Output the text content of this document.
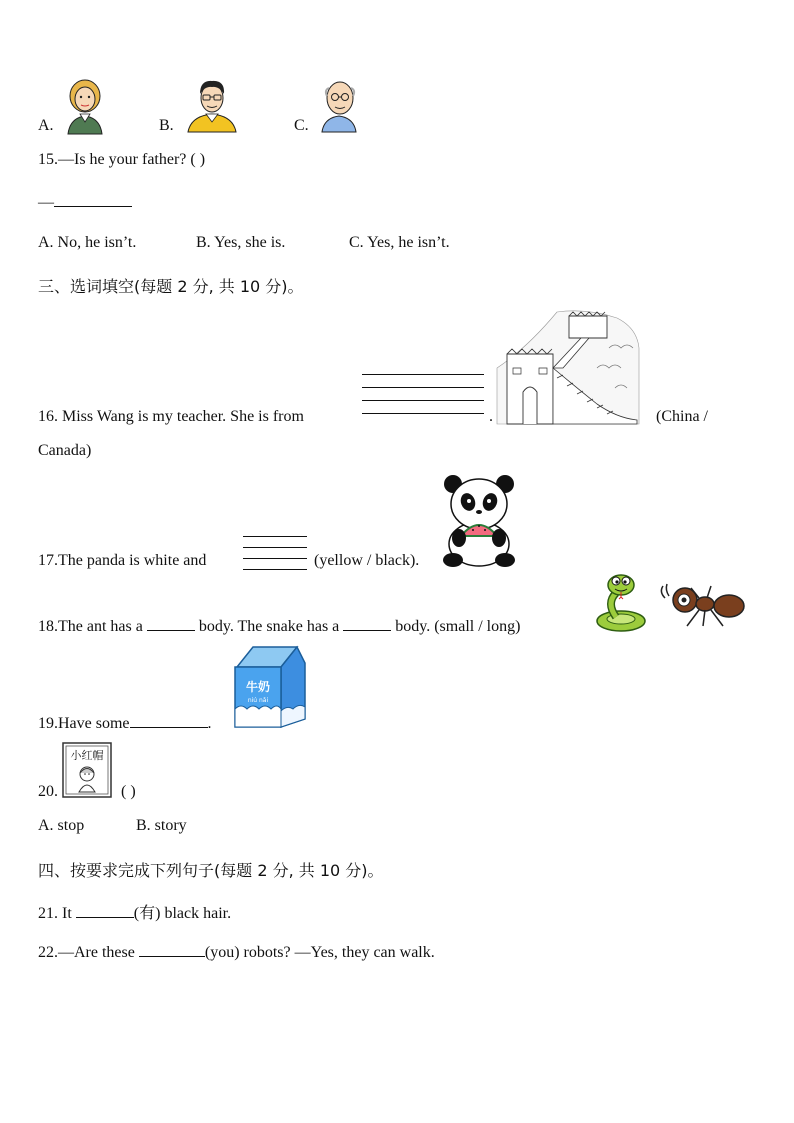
A.	B.	C.
15.—Is he your father? ( )
—
A. No, he isn’t.	B. Yes, she is.	C. Yes, he isn’t.
三、选词填空(每题 2 分, 共 10 分)。
16. Miss Wang is my teacher. She is from	.	(China /
Canada)
17.The panda is white and	(yellow / black).
18.The ant has a	body. The snake has a	body. (small / long)
19.Have some	.
牛奶
niú nǎi
20.
小红帽
( )
A. stop	B. story
四、按要求完成下列句子(每题 2 分, 共 10 分)。
21. It	(有) black hair.
22.—Are these	(you) robots? —Yes, they can walk.
